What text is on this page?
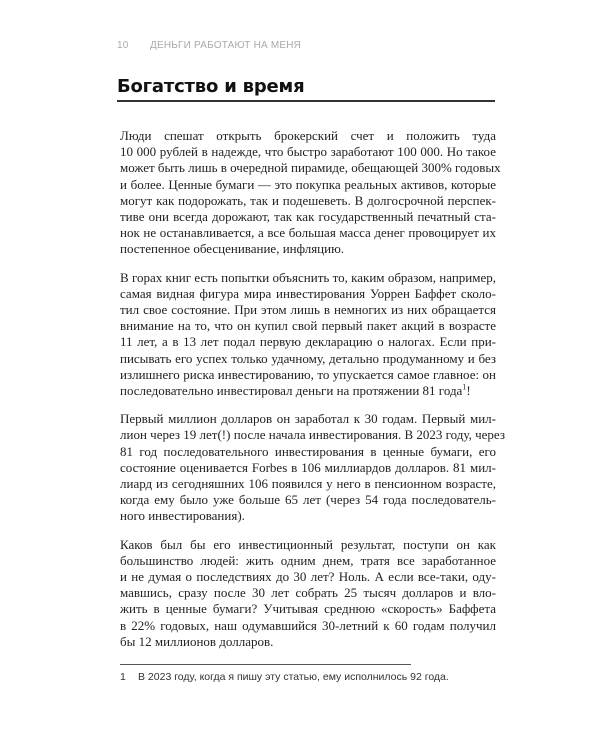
10 ДЕНЬГИ РАБОТАЮТ НА МЕНЯ
Богатство и время
Люди спешат открыть брокерский счет и положить туда
10 000 рублей в надежде, что быстро заработают 100 000. Но такое
может быть лишь в очередной пирамиде, обещающей 300% годовых
и более. Ценные бумаги — это покупка реальных активов, которые
могут как подорожать, так и подешеветь. В долгосрочной перспек-
тиве они всегда дорожают, так как государственный печатный ста-
нок не останавливается, а все большая масса денег провоцирует их
постепенное обесценивание, инфляцию.
В горах книг есть попытки объяснить то, каким образом, например,
самая видная фигура мира инвестирования Уоррен Баффет сколо-
тил свое состояние. При этом лишь в немногих из них обращается
внимание на то, что он купил свой первый пакет акций в возрасте
11 лет, а в 13 лет подал первую декларацию о налогах. Если при-
писывать его успех только удачному, детально продуманному и без
излишнего риска инвестированию, то упускается самое главное: он
последовательно инвестировал деньги на протяжении 81 года$^1$!
Первый миллион долларов он заработал к 30 годам. Первый мил-
лион через 19 лет(!) после начала инвестирования. В 2023 году, через
81 год последовательного инвестирования в ценные бумаги, его
состояние оценивается Forbes в 106 миллиардов долларов. 81 мил-
лиард из сегодняшних 106 появился у него в пенсионном возрасте,
когда ему было уже больше 65 лет (через 54 года последователь-
ного инвестирования).
Каков был бы его инвестиционный результат, поступи он как
большинство людей: жить одним днем, тратя все заработанное
и не думая о последствиях до 30 лет? Ноль. А если все-таки, оду-
мавшись, сразу после 30 лет собрать 25 тысяч долларов и вло-
жить в ценные бумаги? Учитывая среднюю «скорость» Баффета
в 22% годовых, наш одумавшийся 30-летний к 60 годам получил
бы 12 миллионов долларов.
1 В 2023 году, когда я пишу эту статью, ему исполнилось 92 года.
